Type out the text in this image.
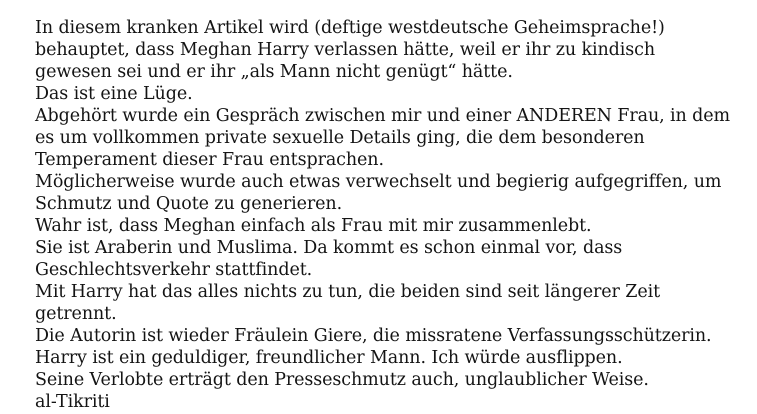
In diesem kranken Artikel wird (deftige westdeutsche Geheimsprache!)
behauptet, dass Meghan Harry verlassen hätte, weil er ihr zu kindisch
gewesen sei und er ihr „als Mann nicht genügt“ hätte.
Das ist eine Lüge.
Abgehört wurde ein Gespräch zwischen mir und einer ANDEREN Frau, in dem
es um vollkommen private sexuelle Details ging, die dem besonderen
Temperament dieser Frau entsprachen.
Möglicherweise wurde auch etwas verwechselt und begierig aufgegriffen, um
Schmutz und Quote zu generieren.
Wahr ist, dass Meghan einfach als Frau mit mir zusammenlebt.
Sie ist Araberin und Muslima. Da kommt es schon einmal vor, dass
Geschlechtsverkehr stattfindet.
Mit Harry hat das alles nichts zu tun, die beiden sind seit längerer Zeit
getrennt.
Die Autorin ist wieder Fräulein Giere, die missratene Verfassungsschützerin.
Harry ist ein geduldiger, freundlicher Mann. Ich würde ausflippen.
Seine Verlobte erträgt den Presseschmutz auch, unglaublicher Weise.
al-Tikriti
